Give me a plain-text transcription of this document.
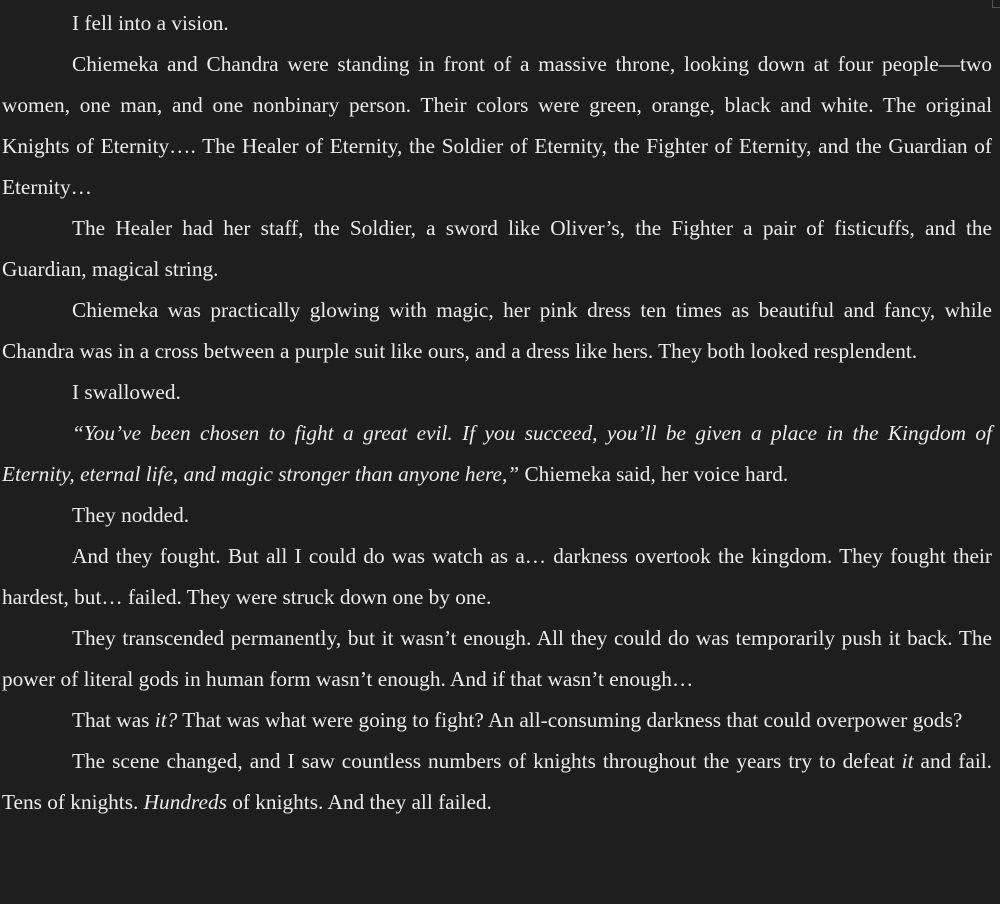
I fell into a vision.

Chiemeka and Chandra were standing in front of a massive throne, looking down at four people—two women, one man, and one nonbinary person. Their colors were green, orange, black and white. The original Knights of Eternity…. The Healer of Eternity, the Soldier of Eternity, the Fighter of Eternity, and the Guardian of Eternity…

The Healer had her staff, the Soldier, a sword like Oliver’s, the Fighter a pair of fisticuffs, and the Guardian, magical string.

Chiemeka was practically glowing with magic, her pink dress ten times as beautiful and fancy, while Chandra was in a cross between a purple suit like ours, and a dress like hers. They both looked resplendent.

I swallowed.

“You’ve been chosen to fight a great evil. If you succeed, you’ll be given a place in the Kingdom of Eternity, eternal life, and magic stronger than anyone here,” Chiemeka said, her voice hard.

They nodded.

And they fought. But all I could do was watch as a… darkness overtook the kingdom. They fought their hardest, but… failed. They were struck down one by one.

They transcended permanently, but it wasn’t enough. All they could do was temporarily push it back. The power of literal gods in human form wasn’t enough. And if that wasn’t enough…

That was it? That was what were going to fight? An all-consuming darkness that could overpower gods?

The scene changed, and I saw countless numbers of knights throughout the years try to defeat it and fail. Tens of knights. Hundreds of knights. And they all failed.
